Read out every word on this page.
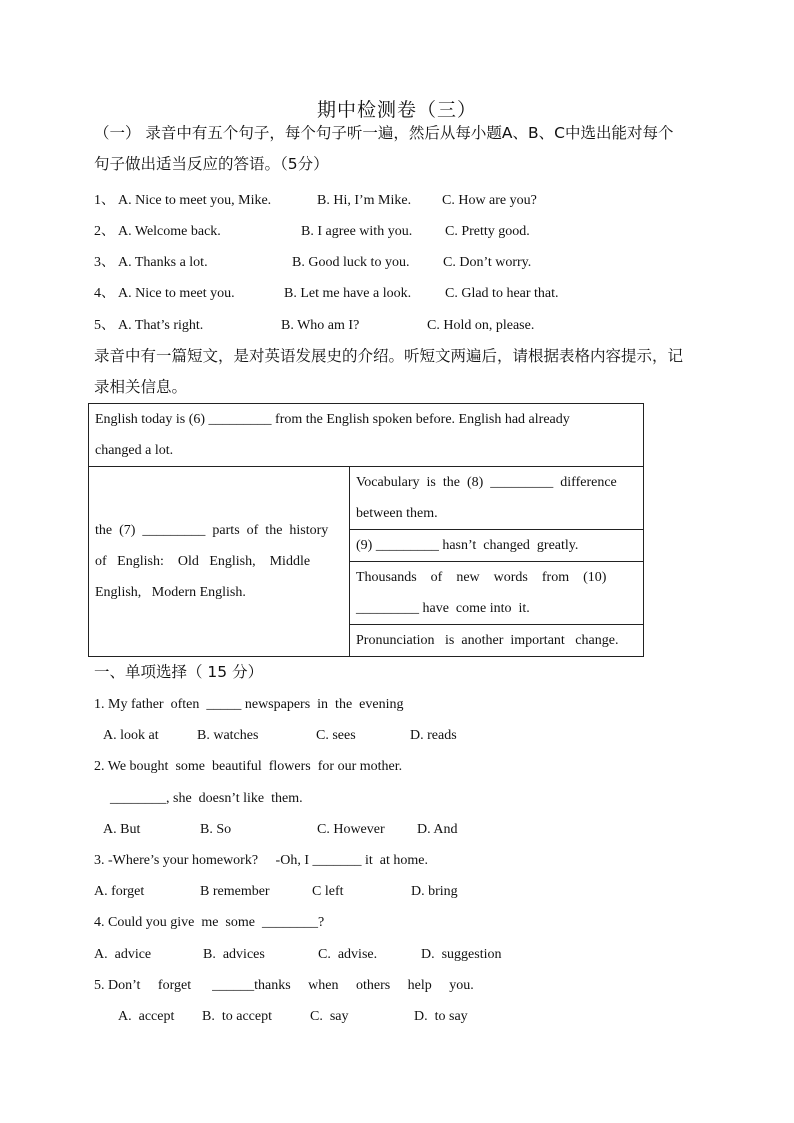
期中检测卷（三）
（一） 录音中有五个句子，每个句子听一遍，然后从每小题A、B、C中选出能对每个
句子做出适当反应的答语。（5分）
1、 A. Nice to meet you, Mike.	B. Hi, I’m Mike. C. How are you?
2、 A. Welcome back.	B. I agree with you. C. Pretty good.
3、 A. Thanks a lot.	B. Good luck to you. C. Don’t worry.
4、 A. Nice to meet you.	B. Let me have a look. C. Glad to hear that.
5、 A. That’s right.	B. Who am I?	C. Hold on, please.
录音中有一篇短文，是对英语发展史的介绍。听短文两遍后，请根据表格内容提示，记
录相关信息。
English today is (6) _________ from the English spoken before. English had already
changed a lot.

the  (7)  _________  parts  of  the  history
of   English:    Old   English,    Middle
English,   Modern English.

Vocabulary  is  the  (8)  _________  difference
between them.

(9) _________ hasn’t  changed  greatly.

Thousands    of    new    words    from    (10)
_________ have  come into  it.

Pronunciation   is  another  important   change.
一、单项选择（ 15 分）
1. My father  often  _____ newspapers  in  the  evening
A. look at	B. watches	C. sees	D. reads
2. We bought  some  beautiful  flowers  for our mother.
________, she  doesn’t like  them.
A. But	B. So	C. However D. And
3. -Where’s your homework?     -Oh, I _______ it  at home.
A. forget	B remember	C left	D. bring
4. Could you give  me  some  ________?
A.  advice	B.  advices	C.  advise.	D.  suggestion
5. Don’t     forget      ______thanks     when     others     help     you.
A.  accept B.  to accept	C.  say	D.  to say
